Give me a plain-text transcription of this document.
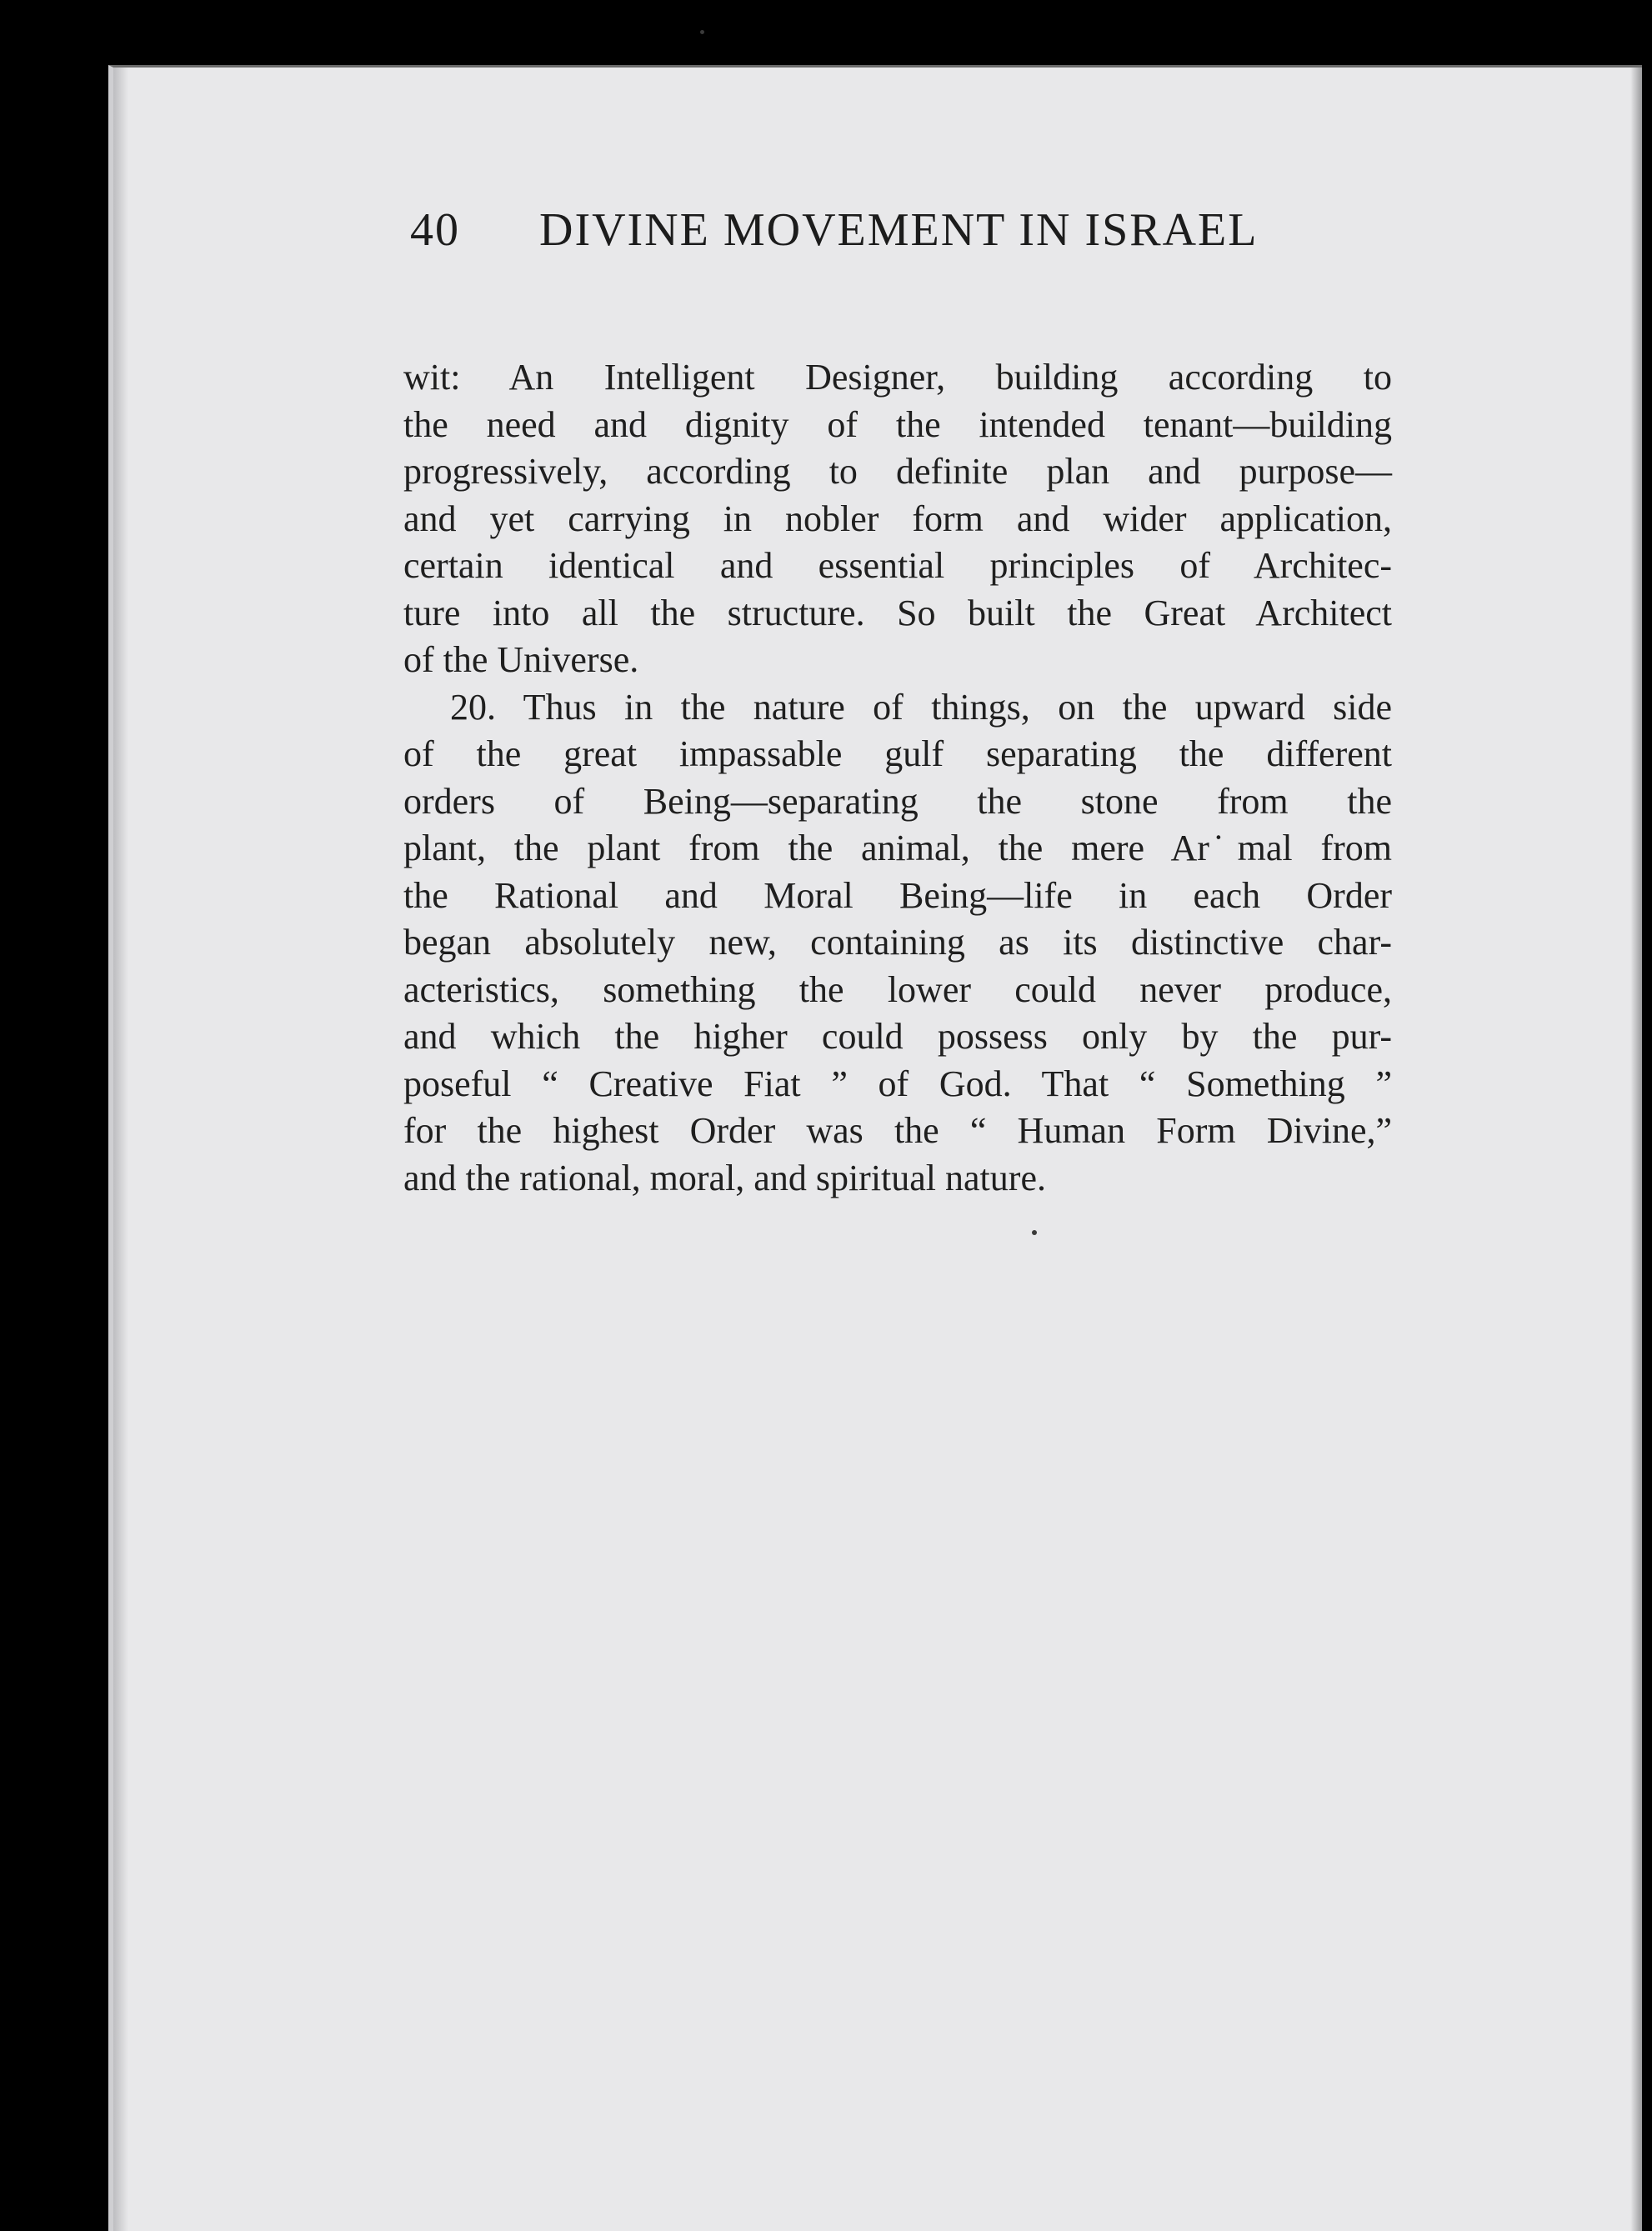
40 DIVINE MOVEMENT IN ISRAEL
wit: An Intelligent Designer, building according to
the need and dignity of the intended tenant—building
progressively, according to definite plan and purpose—
and yet carrying in nobler form and wider application,
certain identical and essential principles of Architec-
ture into all the structure. So built the Great Architect
of the Universe.
20. Thus in the nature of things, on the upward side
of the great impassable gulf separating the different
orders of Being—separating the stone from the
plant, the plant from the animal, the mere Ar ̇mal from
the Rational and Moral Being—life in each Order
began absolutely new, containing as its distinctive char-
acteristics, something the lower could never produce,
and which the higher could possess only by the pur-
poseful “ Creative Fiat ” of God. That “ Something ”
for the highest Order was the “ Human Form Divine,”
and the rational, moral, and spiritual nature.
